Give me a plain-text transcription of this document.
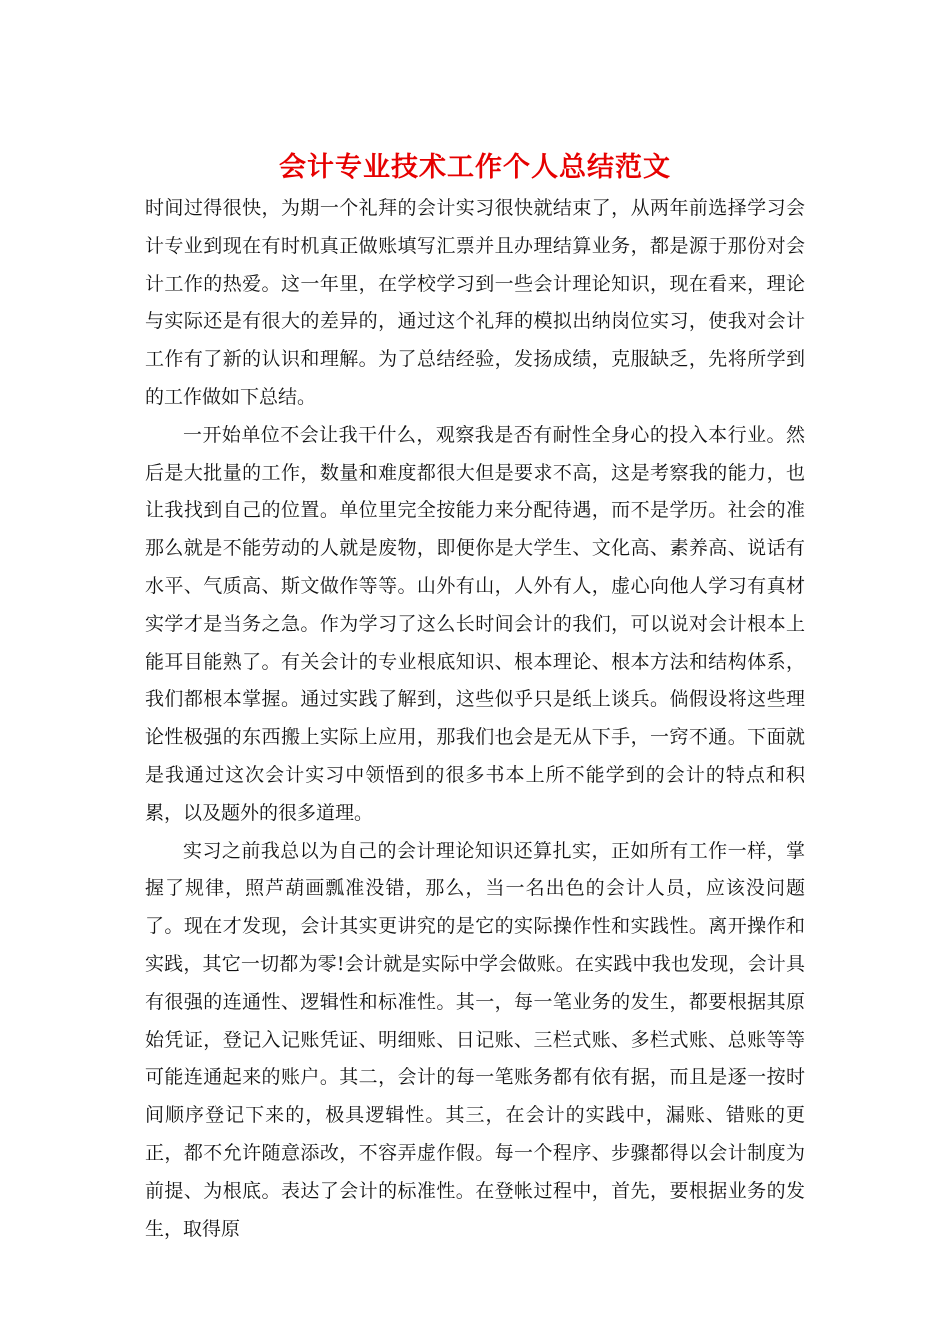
会计专业技术工作个人总结范文

时间过得很快，为期一个礼拜的会计实习很快就结束了，从两年前选择学习会计专业到现在有时机真正做账填写汇票并且办理结算业务，都是源于那份对会计工作的热爱。这一年里，在学校学习到一些会计理论知识，现在看来，理论与实际还是有很大的差异的，通过这个礼拜的模拟出纳岗位实习，使我对会计工作有了新的认识和理解。为了总结经验，发扬成绩，克服缺乏，先将所学到的工作做如下总结。

一开始单位不会让我干什么，观察我是否有耐性全身心的投入本行业。然后是大批量的工作，数量和难度都很大但是要求不高，这是考察我的能力，也让我找到自己的位置。单位里完全按能力来分配待遇，而不是学历。社会的准那么就是不能劳动的人就是废物，即便你是大学生、文化高、素养高、说话有水平、气质高、斯文做作等等。山外有山，人外有人，虚心向他人学习有真材实学才是当务之急。作为学习了这么长时间会计的我们，可以说对会计根本上能耳目能熟了。有关会计的专业根底知识、根本理论、根本方法和结构体系，我们都根本掌握。通过实践了解到，这些似乎只是纸上谈兵。倘假设将这些理论性极强的东西搬上实际上应用，那我们也会是无从下手，一窍不通。下面就是我通过这次会计实习中领悟到的很多书本上所不能学到的会计的特点和积累，以及题外的很多道理。

实习之前我总以为自己的会计理论知识还算扎实，正如所有工作一样，掌握了规律，照芦葫画瓢准没错，那么，当一名出色的会计人员，应该没问题了。现在才发现，会计其实更讲究的是它的实际操作性和实践性。离开操作和实践，其它一切都为零!会计就是实际中学会做账。在实践中我也发现，会计具有很强的连通性、逻辑性和标准性。其一，每一笔业务的发生，都要根据其原始凭证，登记入记账凭证、明细账、日记账、三栏式账、多栏式账、总账等等可能连通起来的账户。其二，会计的每一笔账务都有依有据，而且是逐一按时间顺序登记下来的，极具逻辑性。其三，在会计的实践中，漏账、错账的更正，都不允许随意添改，不容弄虚作假。每一个程序、步骤都得以会计制度为前提、为根底。表达了会计的标准性。在登帐过程中，首先，要根据业务的发生，取得原
